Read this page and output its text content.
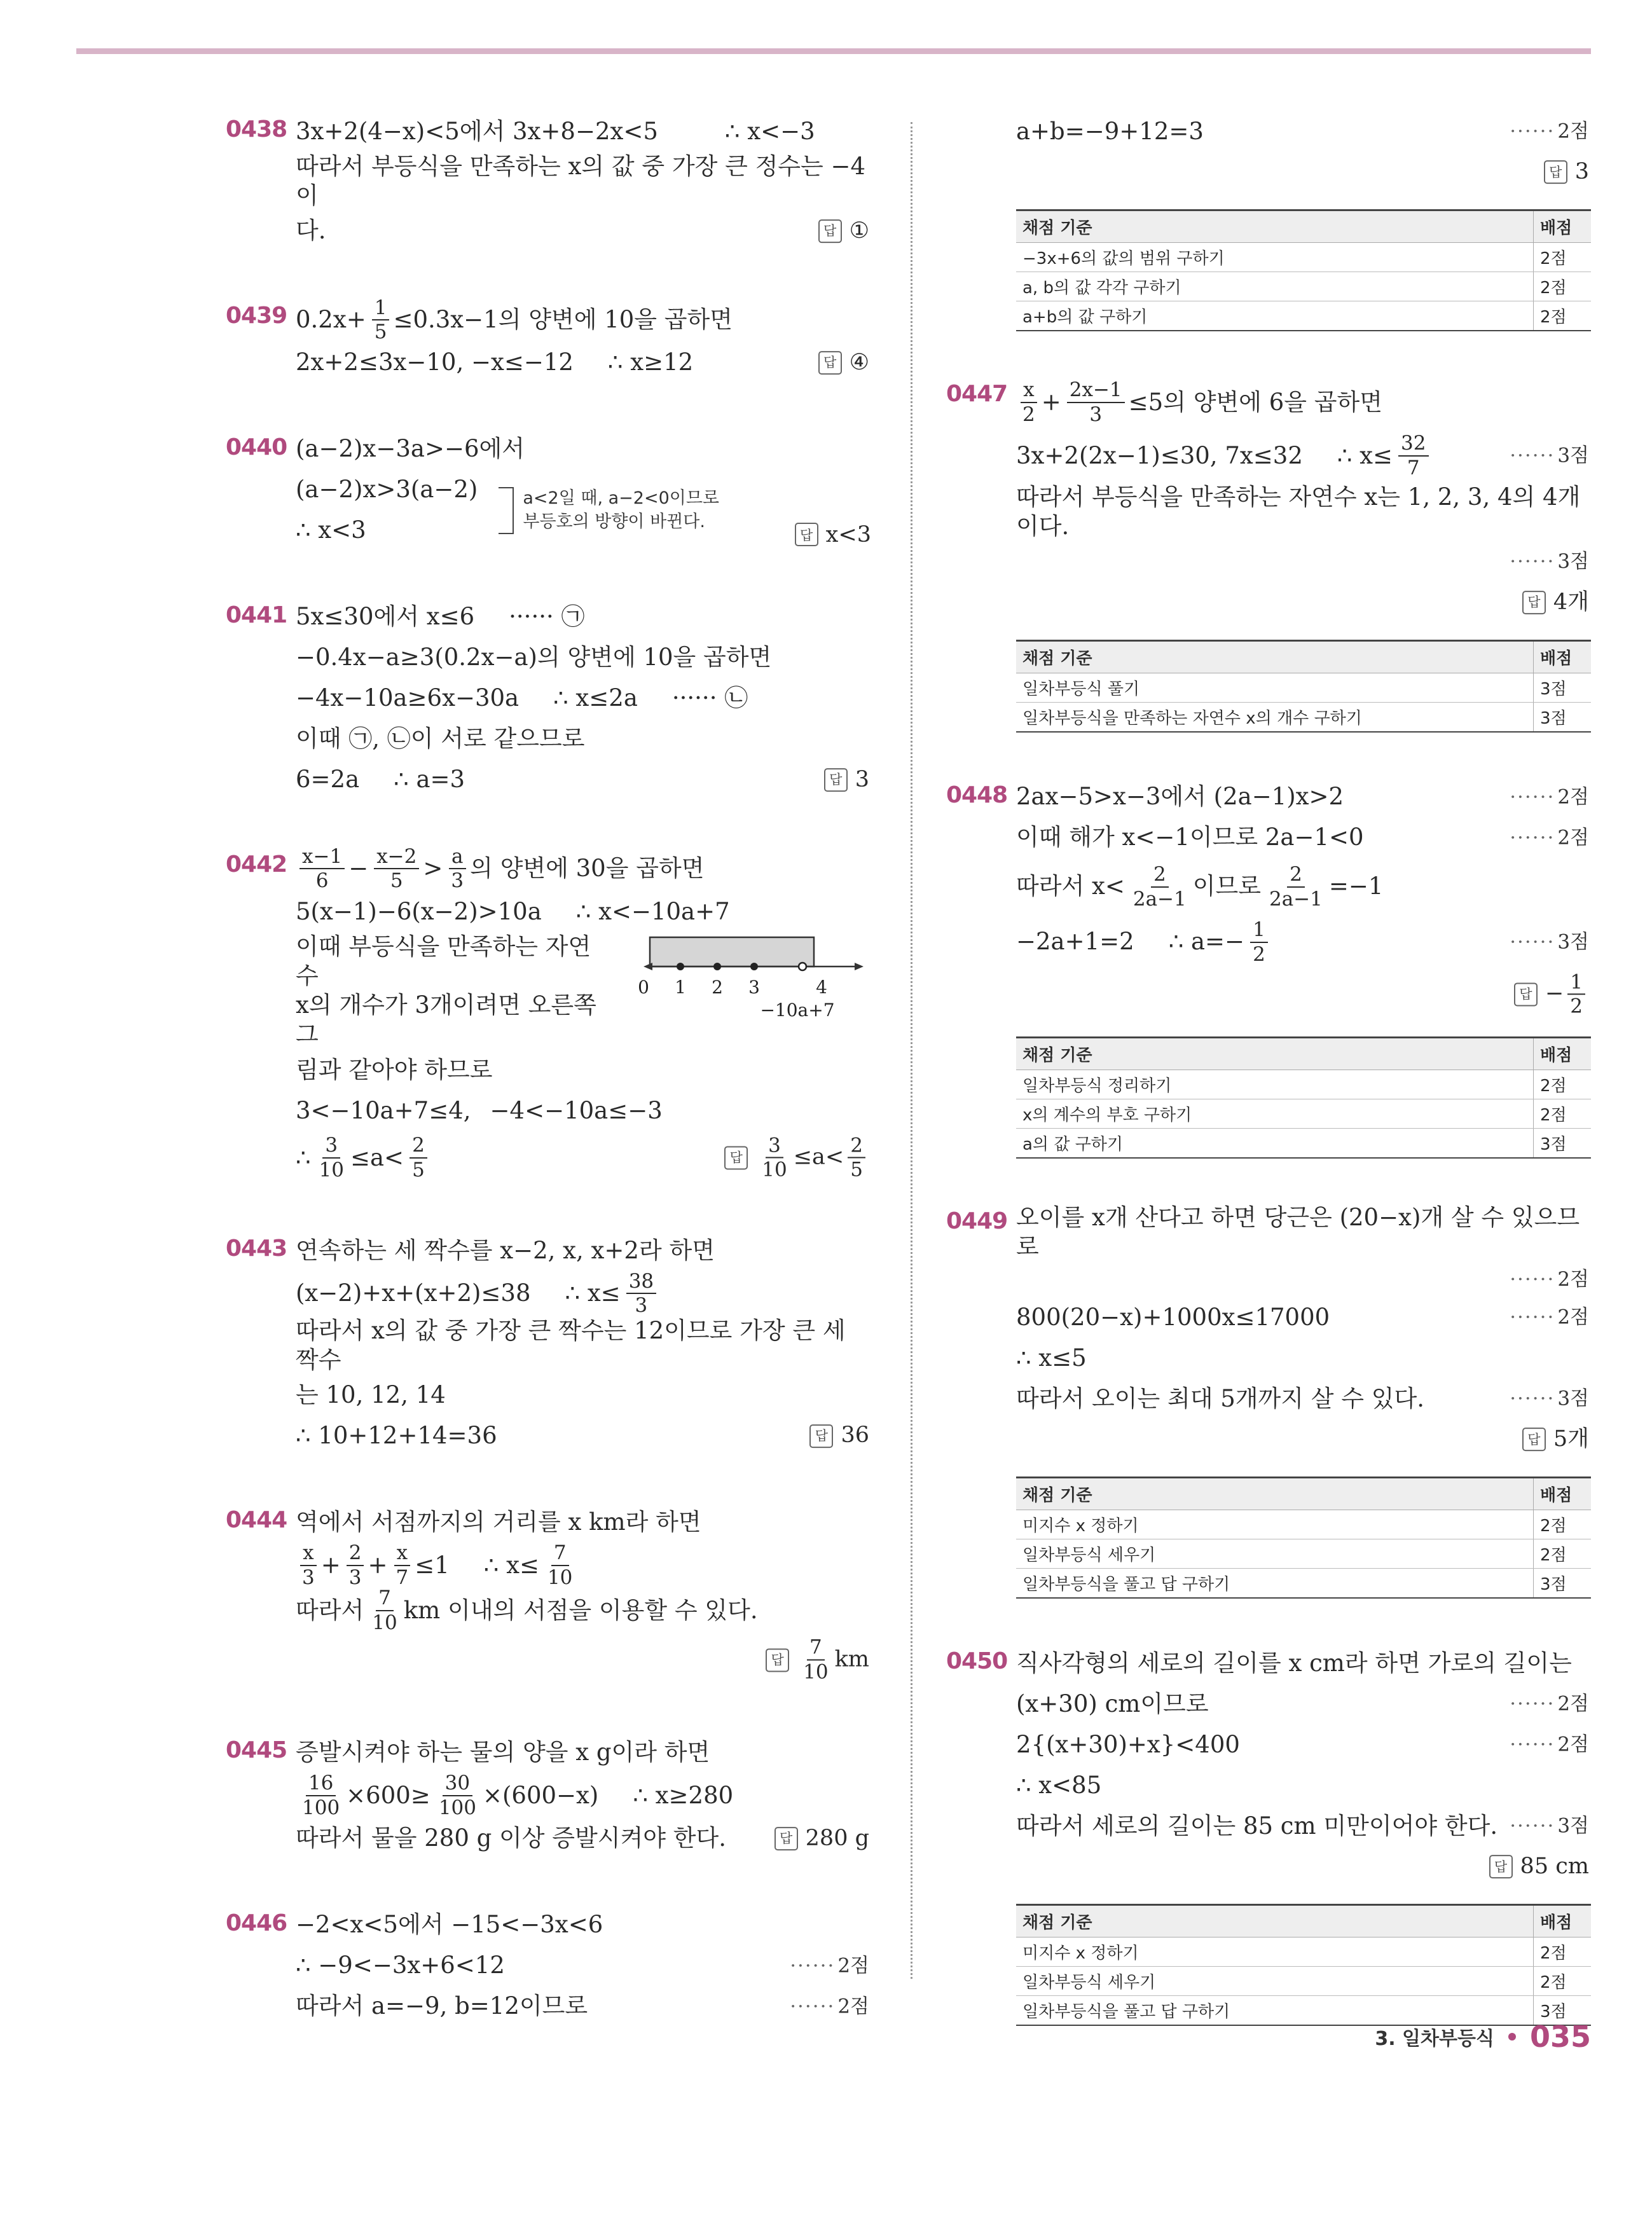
0438 3x+2(4−x)<5에서 3x+8−2x<5	∴ x<−3
따라서 부등식을 만족하는 x의 값 중 가장 큰 정수는 −4이
다.	답 ①
0439 $0.2x+ \frac{1}{5} \le 0.3x-1$의 양변에 10을 곱하면
2x+2≤3x−10, −x≤−12 ∴ x≥12	답 ④
0440 (a−2)x−3a>−6에서
(a−2)x>3(a−2)
∴ x<3
a<2일 때, a−2<0이므로
부등호의 방향이 바뀐다.
답 x<3
0441 5x≤30에서 x≤6 ······ ㉠
−0.4x−a≥3(0.2x−a)의 양변에 10을 곱하면
−4x−10a≥6x−30a ∴ x≤2a ······ ㉡
이때 ㉠, ㉡이 서로 같으므로
6=2a ∴ a=3	답 3
0442 x−1
$6 - \frac{x-2}{5} > a$
3 의 양변에 30을 곱하면
5(x−1)−6(x−2)>10a ∴ x<−10a+7
이때 부등식을 만족하는 자연수
x의 개수가 3개이려면 오른쪽 그
림과 같아야 하므로
0 1 2 3	4
−10a+7
3<−10a+7≤4, −4<−10a≤−3
∴ $\frac{3}{10} \le a< 2$
5
답 $\frac{3}{10} \le a< 2$
5
0443 연속하는 세 짝수를 x−2, x, x+2라 하면
(x−2)+x+(x+2)≤38 ∴ $x\le \frac{38}{3}$
따라서 x의 값 중 가장 큰 짝수는 12이므로 가장 큰 세 짝수
는 10, 12, 14
∴ 10+12+14=36	답 36
0444 역에서 서점까지의 거리를 x km라 하면
x
$3 + \frac{2}{3} + \frac{x}{7} \le 1$ ∴ $x\le \frac{7}{10}$
따라서 7
10 km 이내의 서점을 이용할 수 있다.
답
7
10 km
0445 증발시켜야 하는 물의 양을 x g이라 하면
$\frac{16}{100} \times 600\ge \frac{30}{100} \times(600-x)$ ∴ x≥280
따라서 물을 280 g 이상 증발시켜야 한다.	답 280 g
0446 −2<x<5에서 −15<−3x<6
∴ −9<−3x+6<12	······ 2점
따라서 a=−9, b=12이므로	······ 2점
a+b=−9+12=3	······ 2점
답 3
채점 기준	배점
−3x+6의 값의 범위 구하기	2점
a, b의 값 각각 구하기	2점
a+b의 값 구하기	2점
0447 x
$2 + \frac{2x-1}{3} \le 5$의 양변에 6을 곱하면
3x+2(2x−1)≤30, 7x≤32 ∴ $x\le \frac{32}{7}$	······ 3점
따라서 부등식을 만족하는 자연수 x는 1, 2, 3, 4의 4개이다.
······ 3점
답 4개
채점 기준	배점
일차부등식 풀기	3점
일차부등식을 만족하는 자연수 x의 개수 구하기	3점
0448 2ax−5>x−3에서 (2a−1)x>2	······ 2점
이때 해가 x<−1이므로 2a−1<0	······ 2점
따라서 x< 2
2a−1 이므로 $\frac{2}{2a-1} =-1$
−2a+1=2 ∴ $a=- \frac{1}{2}$	······ 3점
답 − $\frac{1}{2}$
채점 기준	배점
일차부등식 정리하기	2점
x의 계수의 부호 구하기	2점
a의 값 구하기	3점
0449 오이를 x개 산다고 하면 당근은 (20−x)개 살 수 있으므로
······ 2점
800(20−x)+1000x≤17000	······ 2점
∴ x≤5
따라서 오이는 최대 5개까지 살 수 있다.	······ 3점
답 5개
채점 기준	배점
미지수 x 정하기	2점
일차부등식 세우기	2점
일차부등식을 풀고 답 구하기	3점
0450 직사각형의 세로의 길이를 x cm라 하면 가로의 길이는
(x+30) cm이므로	······ 2점
2{(x+30)+x}<400	······ 2점
∴ x<85
따라서 세로의 길이는 85 cm 미만이어야 한다. ······ 3점
답 85 cm
채점 기준	배점
미지수 x 정하기	2점
일차부등식 세우기	2점
일차부등식을 풀고 답 구하기	3점
3. 일차부등식 035
